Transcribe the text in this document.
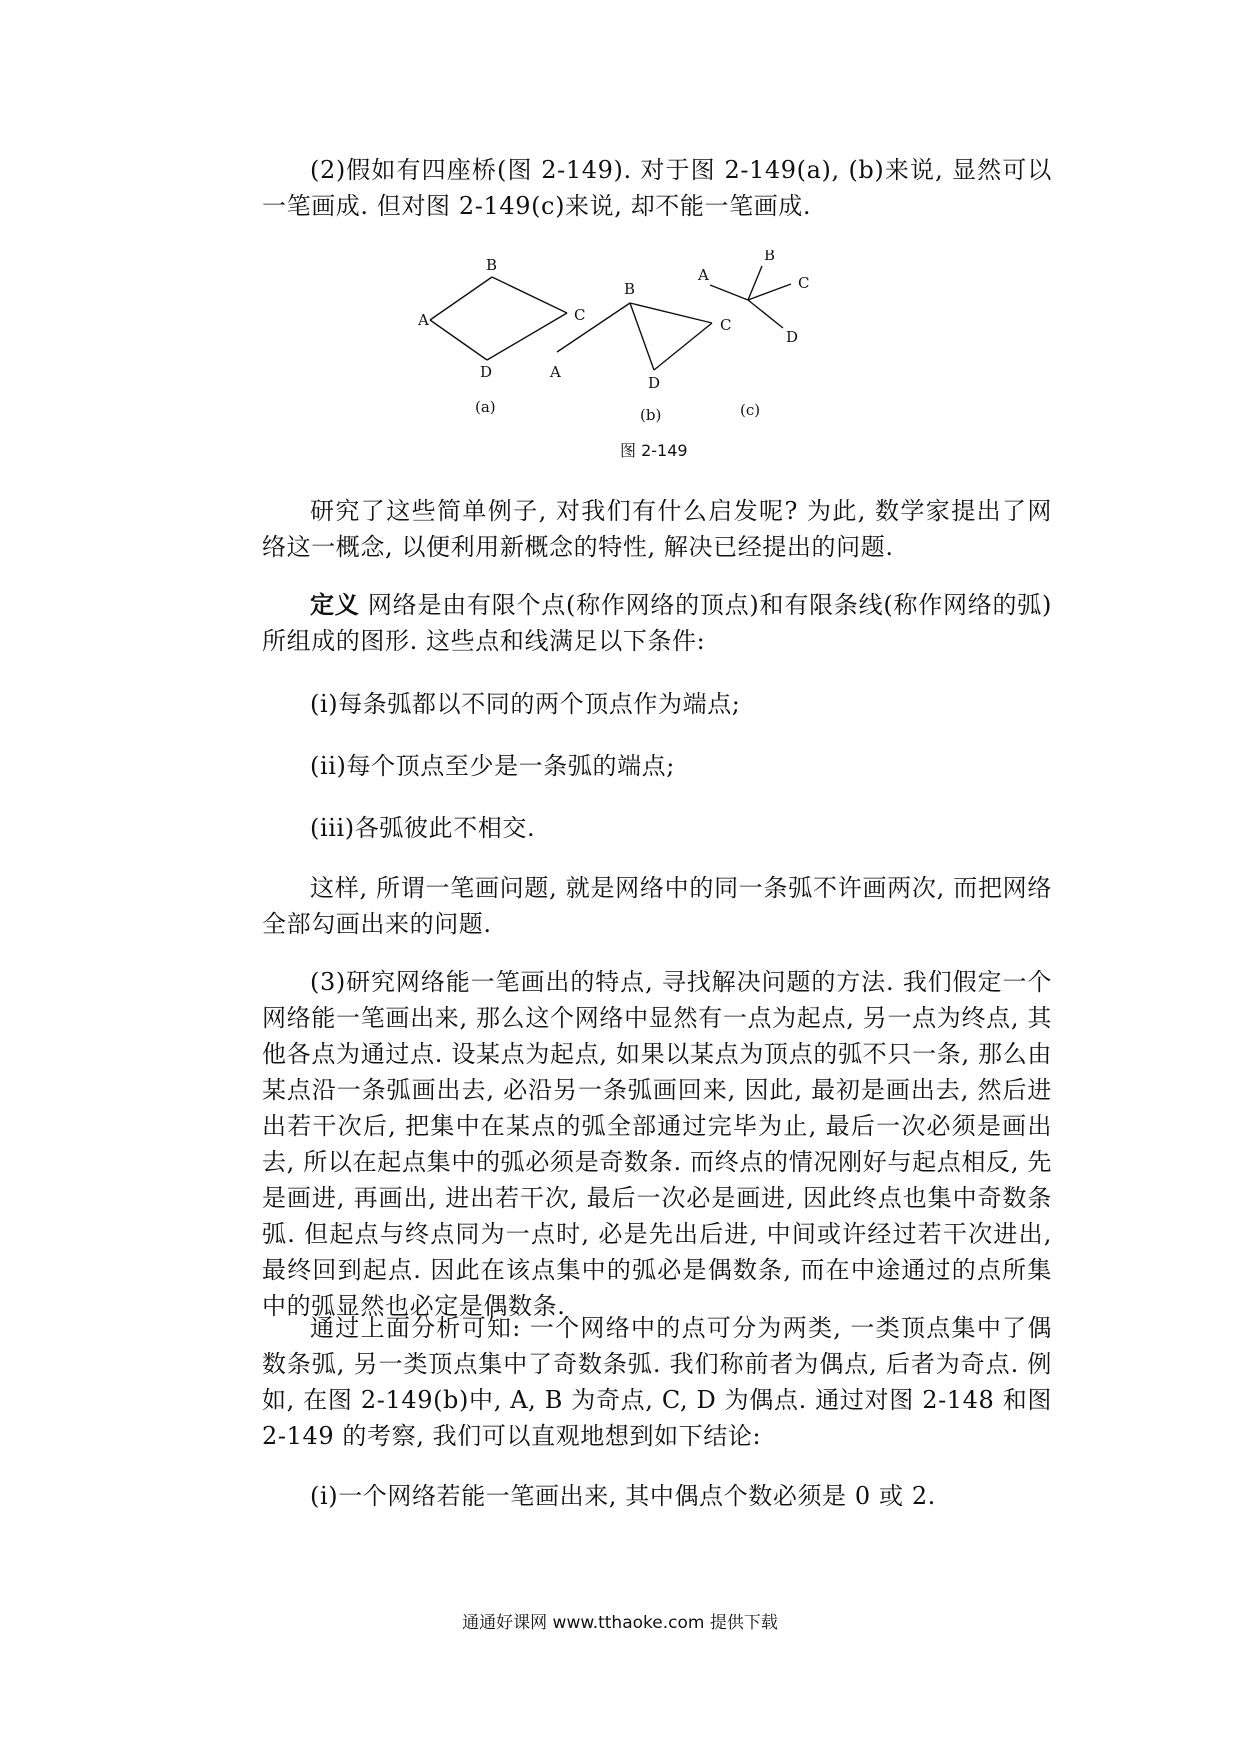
(2)假如有四座桥(图 2-149). 对于图 2-149(a), (b)来说, 显然可以一笔画成. 但对图 2-149(c)来说, 却不能一笔画成.

A
B
C
D
(a)
A
B
C
D
(b)
A
B
C
D
(c)
图 2-149

研究了这些简单例子, 对我们有什么启发呢? 为此, 数学家提出了网络这一概念, 以便利用新概念的特性, 解决已经提出的问题.

定义 网络是由有限个点(称作网络的顶点)和有限条线(称作网络的弧)所组成的图形. 这些点和线满足以下条件:

(i)每条弧都以不同的两个顶点作为端点;

(ii)每个顶点至少是一条弧的端点;

(iii)各弧彼此不相交.

这样, 所谓一笔画问题, 就是网络中的同一条弧不许画两次, 而把网络全部勾画出来的问题.

(3)研究网络能一笔画出的特点, 寻找解决问题的方法. 我们假定一个网络能一笔画出来, 那么这个网络中显然有一点为起点, 另一点为终点, 其他各点为通过点. 设某点为起点, 如果以某点为顶点的弧不只一条, 那么由某点沿一条弧画出去, 必沿另一条弧画回来, 因此, 最初是画出去, 然后进出若干次后, 把集中在某点的弧全部通过完毕为止, 最后一次必须是画出去, 所以在起点集中的弧必须是奇数条. 而终点的情况刚好与起点相反, 先是画进, 再画出, 进出若干次, 最后一次必是画进, 因此终点也集中奇数条弧. 但起点与终点同为一点时, 必是先出后进, 中间或许经过若干次进出, 最终回到起点. 因此在该点集中的弧必是偶数条, 而在中途通过的点所集中的弧显然也必定是偶数条.

通过上面分析可知: 一个网络中的点可分为两类, 一类顶点集中了偶数条弧, 另一类顶点集中了奇数条弧. 我们称前者为偶点, 后者为奇点. 例如, 在图 2-149(b)中, A, B 为奇点, C, D 为偶点. 通过对图 2-148 和图 2-149 的考察, 我们可以直观地想到如下结论:

(i)一个网络若能一笔画出来, 其中偶点个数必须是 0 或 2.

通通好课网 www.tthaoke.com 提供下载
